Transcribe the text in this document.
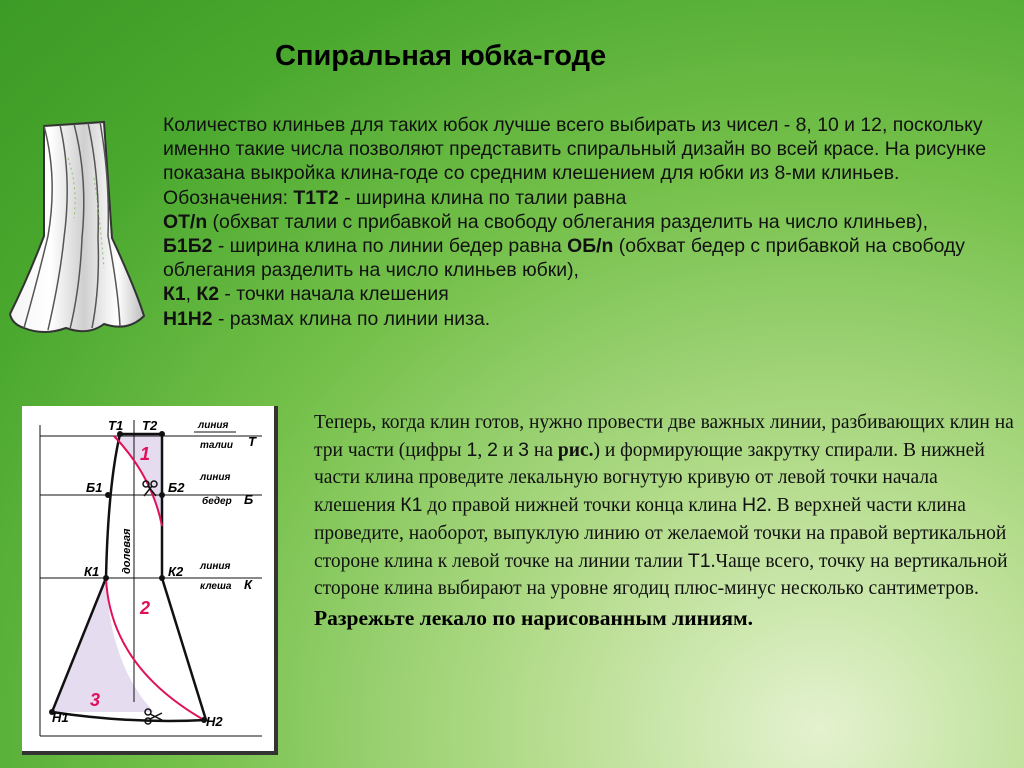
Спиральная юбка-годе

Количество клиньев для таких юбок лучше всего выбирать из чисел - 8, 10 и 12, поскольку именно такие числа позволяют представить спиральный дизайн во всей красе. На рисунке показана выкройка клина-годе со средним клешением для юбки из 8-ми клиньев.

Обозначения: Т1Т2 - ширина клина по талии равна

ОТ/n (обхват талии с прибавкой на свободу облегания разделить на число клиньев),

Б1Б2 - ширина клина по линии бедер равна ОБ/n (обхват бедер с прибавкой на свободу облегания разделить на число клиньев юбки),

К1, К2 - точки начала клешения

Н1Н2 - размах клина по линии низа.

Т1 Т2
Б1	Б2
К1	К2
Н1	Н2
линия
талии Т
линия
бедер Б
линия
клеша К
долевая
1
2
3

Теперь, когда клин готов, нужно провести две важных линии, разбивающих клин на три части (цифры 1, 2 и 3 на рис.) и формирующие закрутку спирали. В нижней части клина проведите лекальную вогнутую кривую от левой точки начала клешения К1 до правой нижней точки конца клина Н2. В верхней части клина проведите, наоборот, выпуклую линию от желаемой точки на правой вертикальной стороне клина к левой точке на линии талии Т1.Чаще всего, точку на вертикальной стороне клина выбирают на уровне ягодиц плюс-минус несколько сантиметров.

Разрежьте лекало по нарисованным линиям.
